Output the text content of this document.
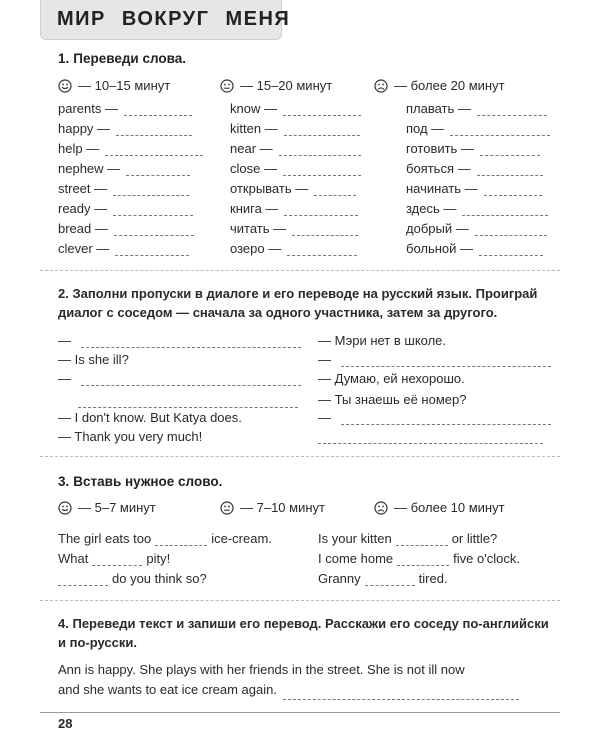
МИР ВОКРУГ МЕНЯ
1. Переведи слова.
— 10–15 минут	— 15–20 минут	— более 20 минут
parents —
happy —
help —
nephew —
street —
ready —
bread —
clever —
know —
kitten —
near —
close —
открывать —
книга —
читать —
озеро —
плавать —
под —
готовить —
бояться —
начинать —
здесь —
добрый —
больной —
2. Заполни пропуски в диалоге и его переводе на русский язык. Проиграй диалог с соседом — сначала за одного участника, затем за другого.
—
— Is she ill?
—
— I don't know. But Katya does.
— Thank you very much!
— Мэри нет в школе.
—
— Думаю, ей нехорошо.
— Ты знаешь её номер?
—
3. Вставь нужное слово.
— 5–7 минут	— 7–10 минут	— более 10 минут
The girl eats too	ice-cream.
What	pity!
do you think so?
Is your kitten	or little?
I come home	five o'clock.
Granny	tired.
4. Переведи текст и запиши его перевод. Расскажи его соседу по-английски и по-русски.
Ann is happy. She plays with her friends in the street. She is not ill now
and she wants to eat ice cream again.
28
